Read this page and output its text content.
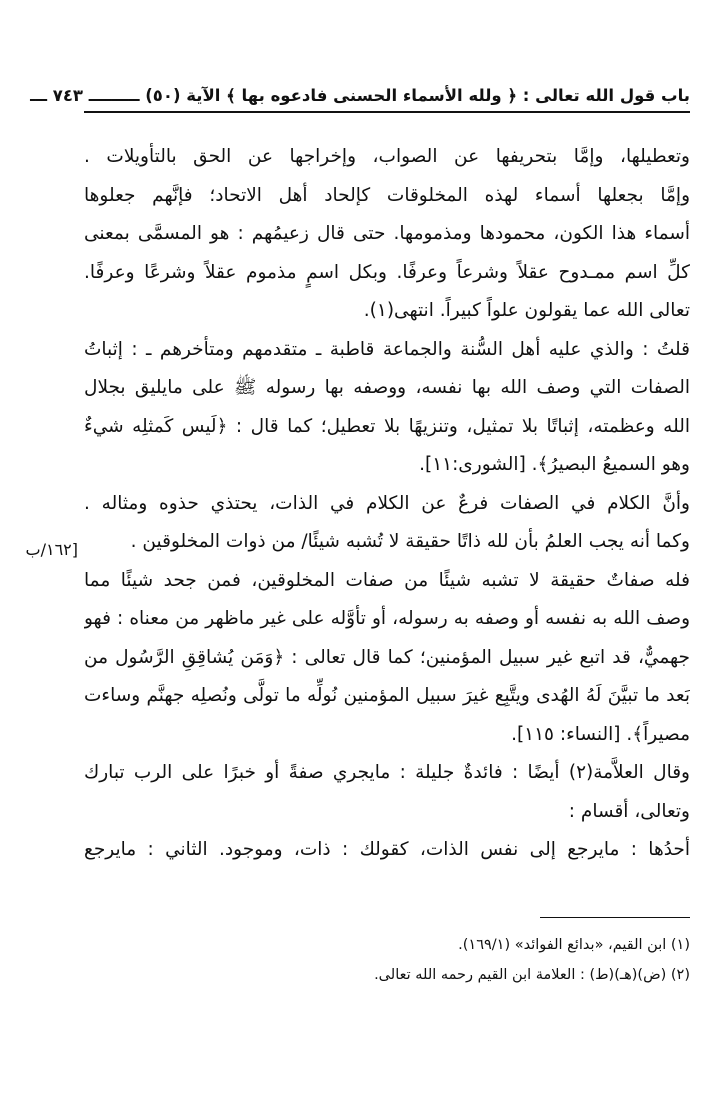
باب قول الله تعالى : ﴿ ولله الأسماء الحسنى فادعوه بها ﴾ الآية (٥٠) ـــــــــ ٧٤٣ ـــ
وتعطيلها، وإمَّا بتحريفها عن الصواب، وإخراجها عن الحق بالتأويلات .
وإمَّا بجعلها أسماء لهذه المخلوقات كإلحاد أهل الاتحاد؛ فإنَّهم جعلوها
أسماء هذا الكون، محمودها ومذمومها. حتى قال زعيمُهم : هو المسمَّى بمعنى
كلِّ اسم ممـدوح عقلاً وشرعاً وعرفًا. وبكل اسمٍ مذموم عقلاً وشرعًا وعرفًا.
تعالى الله عما يقولون علواً كبيراً. انتهى(١).
قلتُ : والذي عليه أهل السُّنة والجماعة قاطبة ـ متقدمهم ومتأخرهم ـ : إثباتُ
الصفات التي وصف الله بها نفسه، ووصفه بها رسوله ﷺ على مايليق بجلال
الله وعظمته، إثباتًا بلا تمثيل، وتنزيهًا بلا تعطيل؛ كما قال : ﴿لَيس كَمثلِه شيءٌ
وهو السميعُ البصيرُ﴾. [الشورى:١١].
وأنَّ الكلام في الصفات فرعٌ عن الكلام في الذات، يحتذي حذوه ومثاله .
وكما أنه يجب العلمُ بأن لله ذاتًا حقيقة لا تُشبه شيئًا/ من ذوات المخلوقين .
فله صفاتٌ حقيقة لا تشبه شيئًا من صفات المخلوقين، فمن جحد شيئًا مما
وصف الله به نفسه أو وصفه به رسوله، أو تأوَّله على غير ماظهر من معناه : فهو
جهميٌّ، قد اتبع غير سبيل المؤمنين؛ كما قال تعالى : ﴿وَمَن يُشاقِقِ الرَّسُول من
بَعد ما تبيَّنَ لَهُ الهُدى ويتَّبِع غيرَ سبيل المؤمنين نُولِّه ما تولَّى ونُصلِه جهنَّم وساءت
مصيراً﴾. [النساء: ١١٥].
وقال العلاَّمة(٢) أيضًا : فائدةٌ جليلة : مايجري صفةً أو خبرًا على الرب تبارك
وتعالى، أقسام :
أحدُها : مايرجع إلى نفس الذات، كقولك : ذات، وموجود. الثاني : مايرجع
[١٦٢/ب
(١) ابن القيم، «بدائع الفوائد» (١٦٩/١).
(٢) (ض)(هـ)(ط) : العلامة ابن القيم رحمه الله تعالى.
